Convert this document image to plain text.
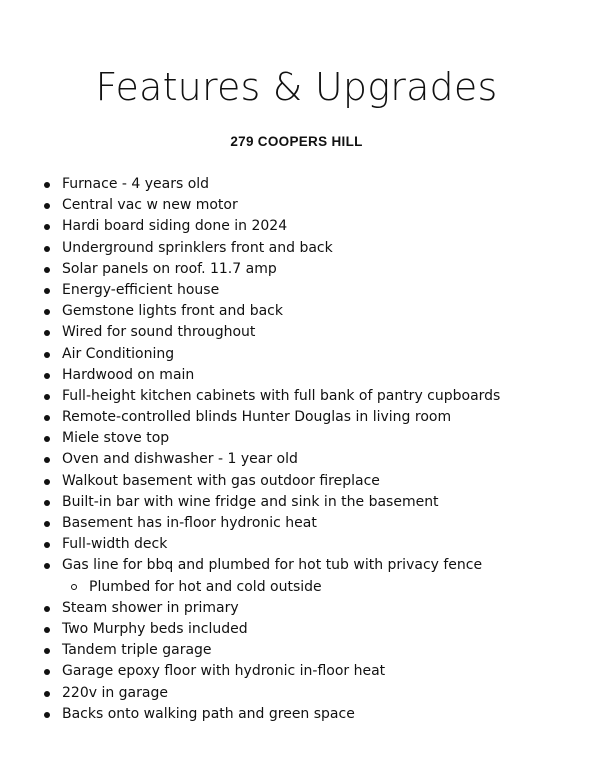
Features & Upgrades
279 COOPERS HILL
Furnace - 4 years old
Central vac w new motor
Hardi board siding done in 2024
Underground sprinklers front and back
Solar panels on roof. 11.7 amp
Energy-efficient house
Gemstone lights front and back
Wired for sound throughout
Air Conditioning
Hardwood on main
Full-height kitchen cabinets with full bank of pantry cupboards
Remote-controlled blinds Hunter Douglas in living room
Miele stove top
Oven and dishwasher - 1 year old
Walkout basement with gas outdoor fireplace
Built-in bar with wine fridge and sink in the basement
Basement has in-floor hydronic heat
Full-width deck
Gas line for bbq and plumbed for hot tub with privacy fence
Plumbed for hot and cold outside
Steam shower in primary
Two Murphy beds included
Tandem triple garage
Garage epoxy floor with hydronic in-floor heat
220v in garage
Backs onto walking path and green space
